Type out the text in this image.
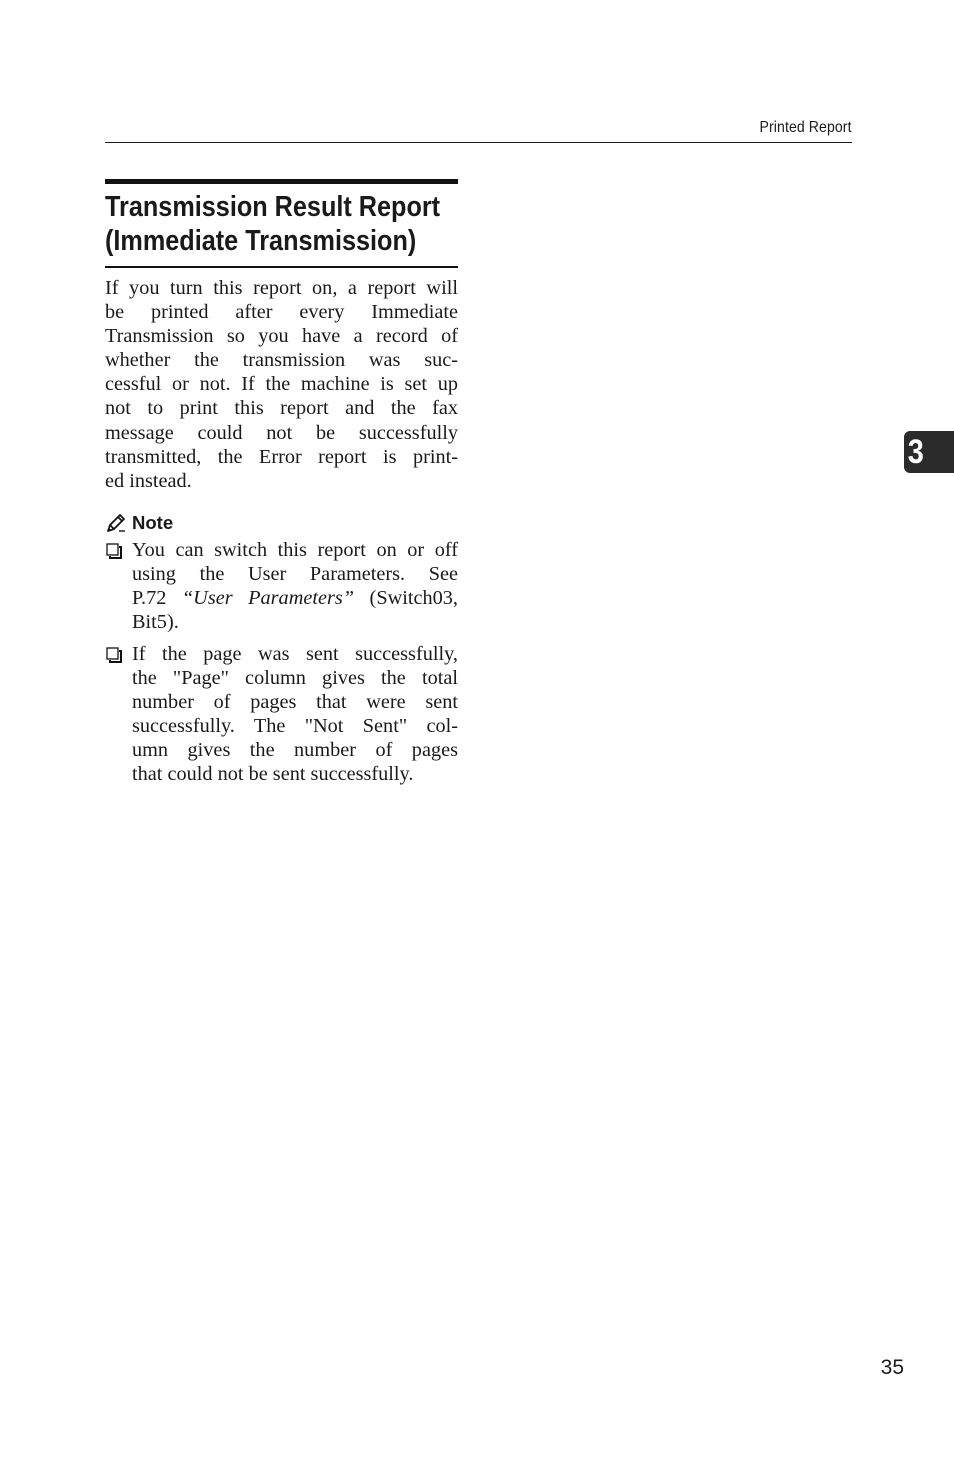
Printed Report
Transmission Result Report
(Immediate Transmission)
If you turn this report on, a report will
be printed after every Immediate
Transmission so you have a record of
whether the transmission was suc-
cessful or not. If the machine is set up
not to print this report and the fax
message could not be successfully
transmitted, the Error report is print-
ed instead.
Note
You can switch this report on or off
using the User Parameters. See
P.72 “User Parameters” (Switch03,
Bit5).
If the page was sent successfully,
the "Page" column gives the total
number of pages that were sent
successfully. The "Not Sent" col-
umn gives the number of pages
that could not be sent successfully.
3
35
